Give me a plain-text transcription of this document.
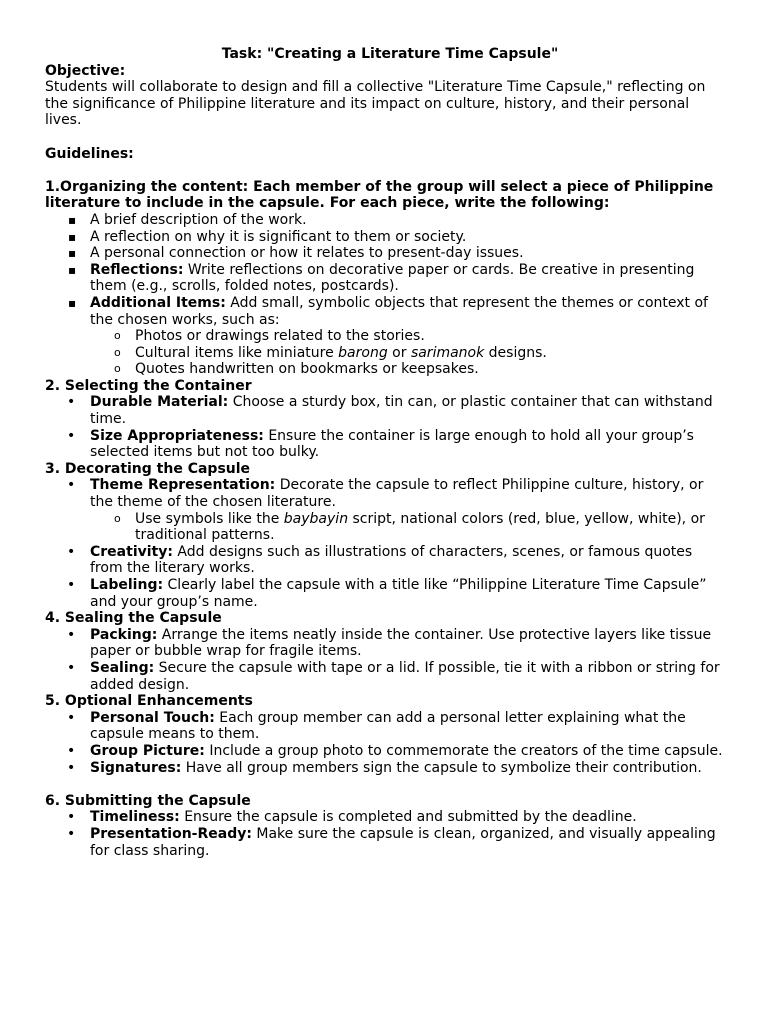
Task: "Creating a Literature Time Capsule"
Objective:
Students will collaborate to design and fill a collective "Literature Time Capsule," reflecting on the significance of Philippine literature and its impact on culture, history, and their personal lives.
Guidelines:
1.Organizing the content: Each member of the group will select a piece of Philippine literature to include in the capsule. For each piece, write the following:
▪ A brief description of the work.
▪ A reflection on why it is significant to them or society.
▪ A personal connection or how it relates to present-day issues.
▪ Reflections: Write reflections on decorative paper or cards. Be creative in presenting them (e.g., scrolls, folded notes, postcards).
▪ Additional Items: Add small, symbolic objects that represent the themes or context of the chosen works, such as:
o Photos or drawings related to the stories.
o Cultural items like miniature barong or sarimanok designs.
o Quotes handwritten on bookmarks or keepsakes.
2. Selecting the Container
• Durable Material: Choose a sturdy box, tin can, or plastic container that can withstand time.
• Size Appropriateness: Ensure the container is large enough to hold all your group’s selected items but not too bulky.
3. Decorating the Capsule
• Theme Representation: Decorate the capsule to reflect Philippine culture, history, or the theme of the chosen literature.
o Use symbols like the baybayin script, national colors (red, blue, yellow, white), or traditional patterns.
• Creativity: Add designs such as illustrations of characters, scenes, or famous quotes from the literary works.
• Labeling: Clearly label the capsule with a title like “Philippine Literature Time Capsule” and your group’s name.
4. Sealing the Capsule
• Packing: Arrange the items neatly inside the container. Use protective layers like tissue paper or bubble wrap for fragile items.
• Sealing: Secure the capsule with tape or a lid. If possible, tie it with a ribbon or string for added design.
5. Optional Enhancements
• Personal Touch: Each group member can add a personal letter explaining what the capsule means to them.
• Group Picture: Include a group photo to commemorate the creators of the time capsule.
• Signatures: Have all group members sign the capsule to symbolize their contribution.
6. Submitting the Capsule
• Timeliness: Ensure the capsule is completed and submitted by the deadline.
• Presentation-Ready: Make sure the capsule is clean, organized, and visually appealing for class sharing.
